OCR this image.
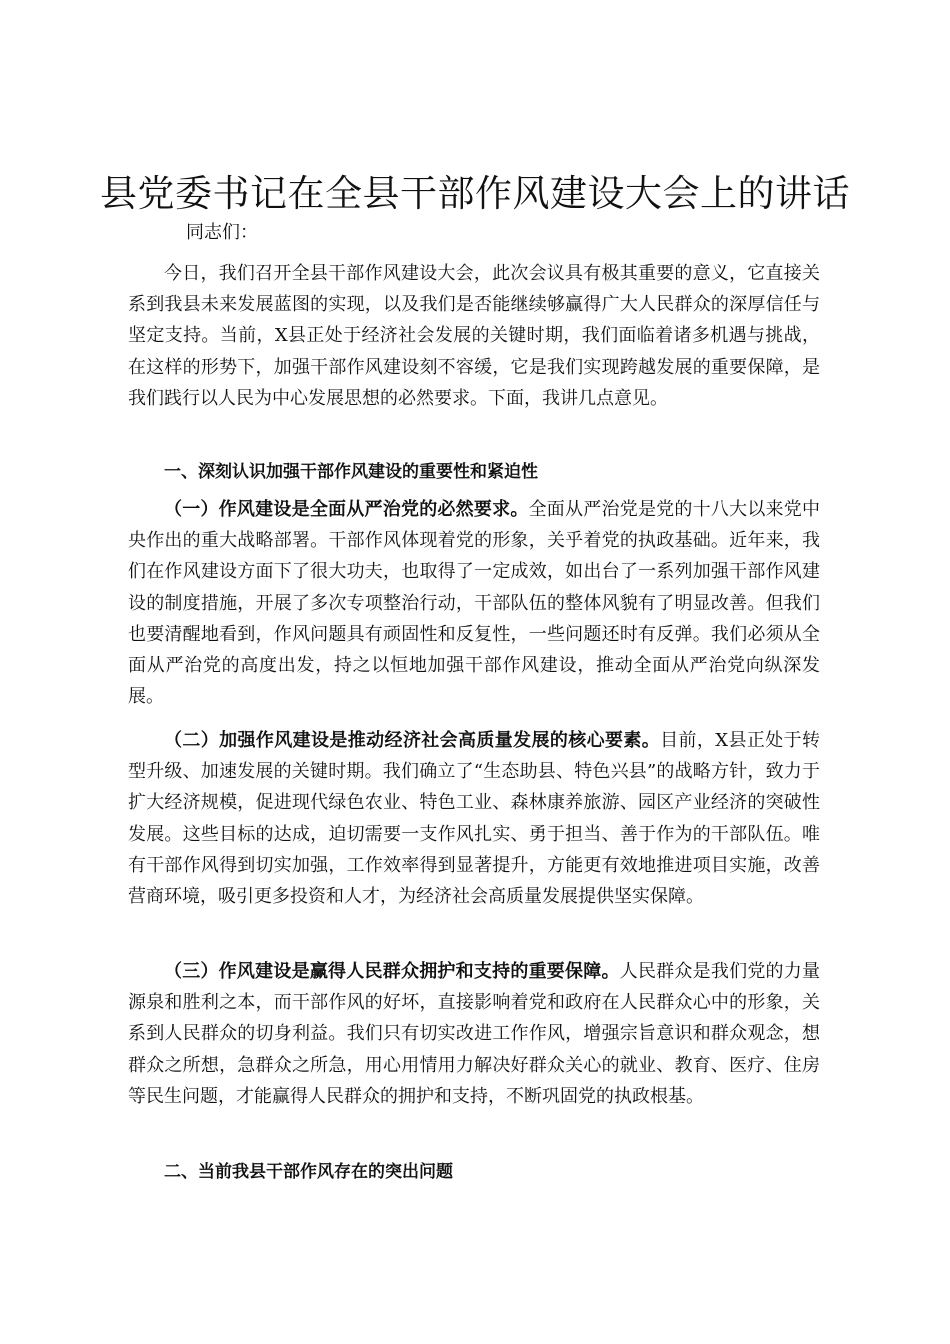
县党委书记在全县干部作风建设大会上的讲话
同志们：

今日，我们召开全县干部作风建设大会，此次会议具有极其重要的意义，它直接关系到我县未来发展蓝图的实现，以及我们是否能继续够赢得广大人民群众的深厚信任与坚定支持。当前，X县正处于经济社会发展的关键时期，我们面临着诸多机遇与挑战，在这样的形势下，加强干部作风建设刻不容缓，它是我们实现跨越发展的重要保障，是我们践行以人民为中心发展思想的必然要求。下面，我讲几点意见。

一、深刻认识加强干部作风建设的重要性和紧迫性

（一）作风建设是全面从严治党的必然要求。全面从严治党是党的十八大以来党中央作出的重大战略部署。干部作风体现着党的形象，关乎着党的执政基础。近年来，我们在作风建设方面下了很大功夫，也取得了一定成效，如出台了一系列加强干部作风建设的制度措施，开展了多次专项整治行动，干部队伍的整体风貌有了明显改善。但我们也要清醒地看到，作风问题具有顽固性和反复性，一些问题还时有反弹。我们必须从全面从严治党的高度出发，持之以恒地加强干部作风建设，推动全面从严治党向纵深发展。

（二）加强作风建设是推动经济社会高质量发展的核心要素。目前，X县正处于转型升级、加速发展的关键时期。我们确立了“生态助县、特色兴县”的战略方针，致力于扩大经济规模，促进现代绿色农业、特色工业、森林康养旅游、园区产业经济的突破性发展。这些目标的达成，迫切需要一支作风扎实、勇于担当、善于作为的干部队伍。唯有干部作风得到切实加强，工作效率得到显著提升，方能更有效地推进项目实施，改善营商环境，吸引更多投资和人才，为经济社会高质量发展提供坚实保障。

（三）作风建设是赢得人民群众拥护和支持的重要保障。人民群众是我们党的力量源泉和胜利之本，而干部作风的好坏，直接影响着党和政府在人民群众心中的形象，关系到人民群众的切身利益。我们只有切实改进工作作风，增强宗旨意识和群众观念，想群众之所想，急群众之所急，用心用情用力解决好群众关心的就业、教育、医疗、住房等民生问题，才能赢得人民群众的拥护和支持，不断巩固党的执政根基。

二、当前我县干部作风存在的突出问题
